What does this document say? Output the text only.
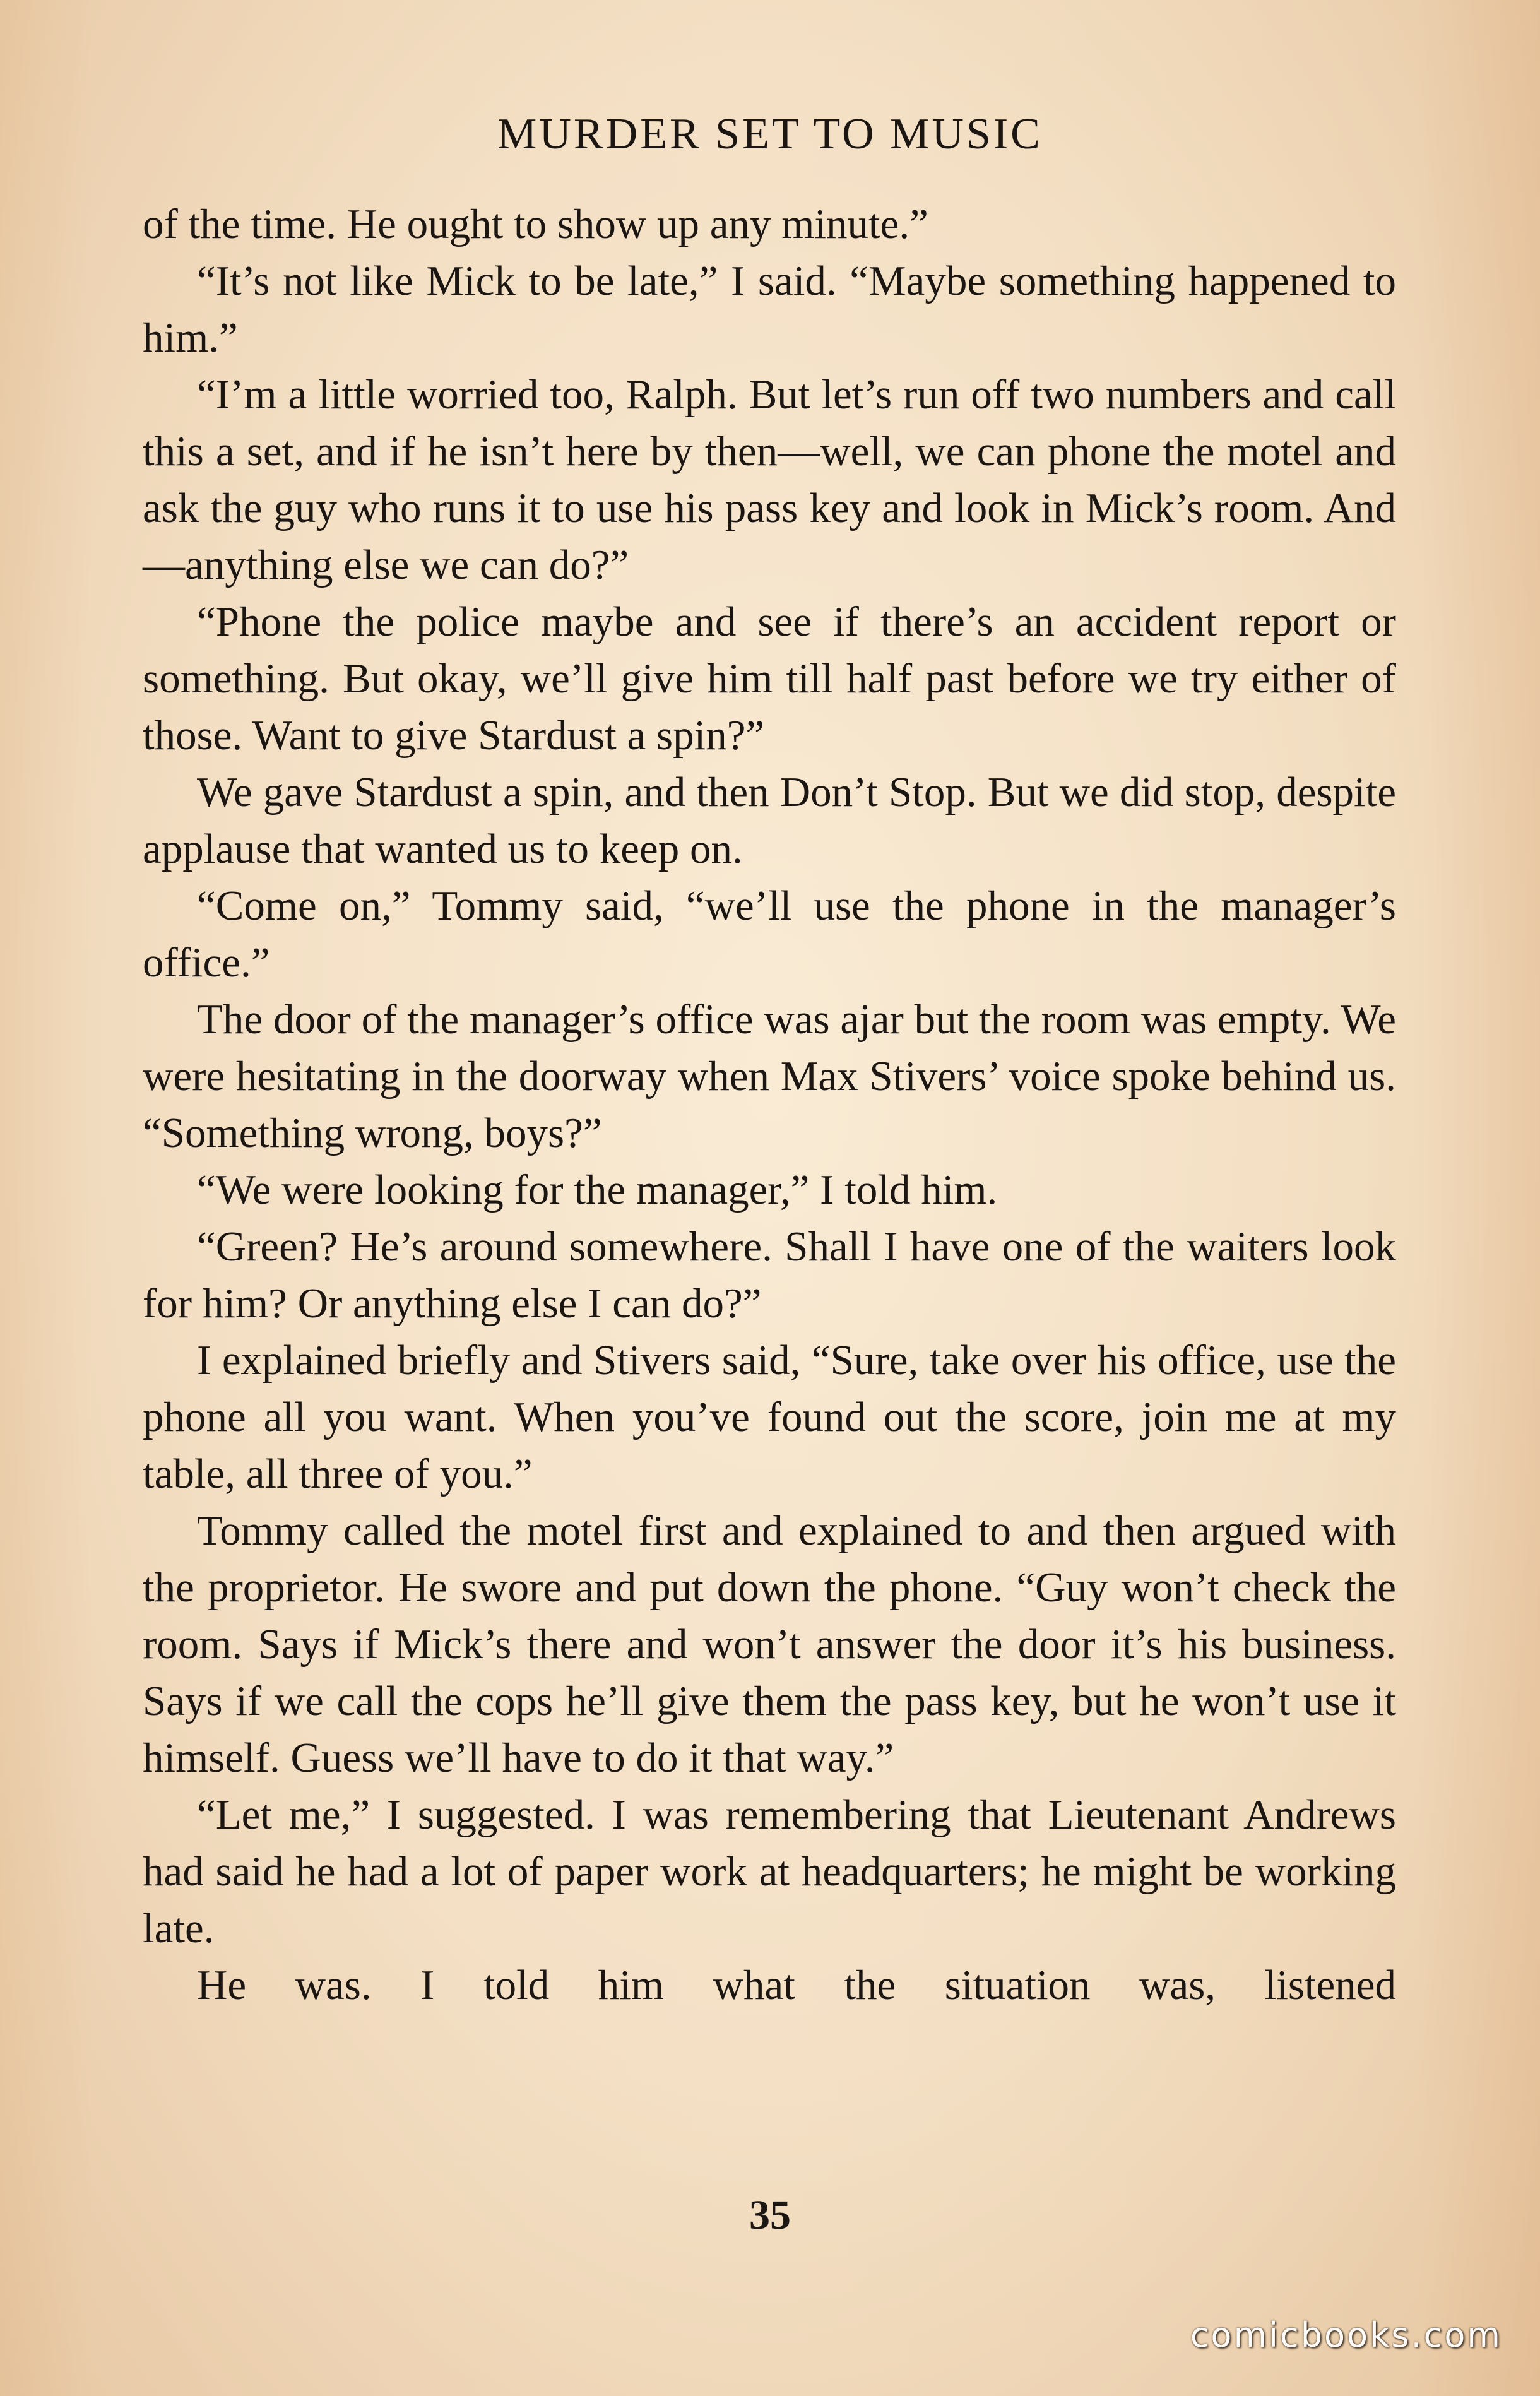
MURDER SET TO MUSIC

of the time. He ought to show up any minute.”

“It’s not like Mick to be late,” I said. “Maybe something happened to him.”

“I’m a little worried too, Ralph. But let’s run off two numbers and call this a set, and if he isn’t here by then—well, we can phone the motel and ask the guy who runs it to use his pass key and look in Mick’s room. And—anything else we can do?”

“Phone the police maybe and see if there’s an accident report or something. But okay, we’ll give him till half past before we try either of those. Want to give Stardust a spin?”

We gave Stardust a spin, and then Don’t Stop. But we did stop, despite applause that wanted us to keep on.

“Come on,” Tommy said, “we’ll use the phone in the manager’s office.”

The door of the manager’s office was ajar but the room was empty. We were hesitating in the doorway when Max Stivers’ voice spoke behind us. “Something wrong, boys?”

“We were looking for the manager,” I told him.

“Green? He’s around somewhere. Shall I have one of the waiters look for him? Or anything else I can do?”

I explained briefly and Stivers said, “Sure, take over his office, use the phone all you want. When you’ve found out the score, join me at my table, all three of you.”

Tommy called the motel first and explained to and then argued with the proprietor. He swore and put down the phone. “Guy won’t check the room. Says if Mick’s there and won’t answer the door it’s his business. Says if we call the cops he’ll give them the pass key, but he won’t use it himself. Guess we’ll have to do it that way.”

“Let me,” I suggested. I was remembering that Lieutenant Andrews had said he had a lot of paper work at headquarters; he might be working late.

He was. I told him what the situation was, listened

35
comicbooks.com
